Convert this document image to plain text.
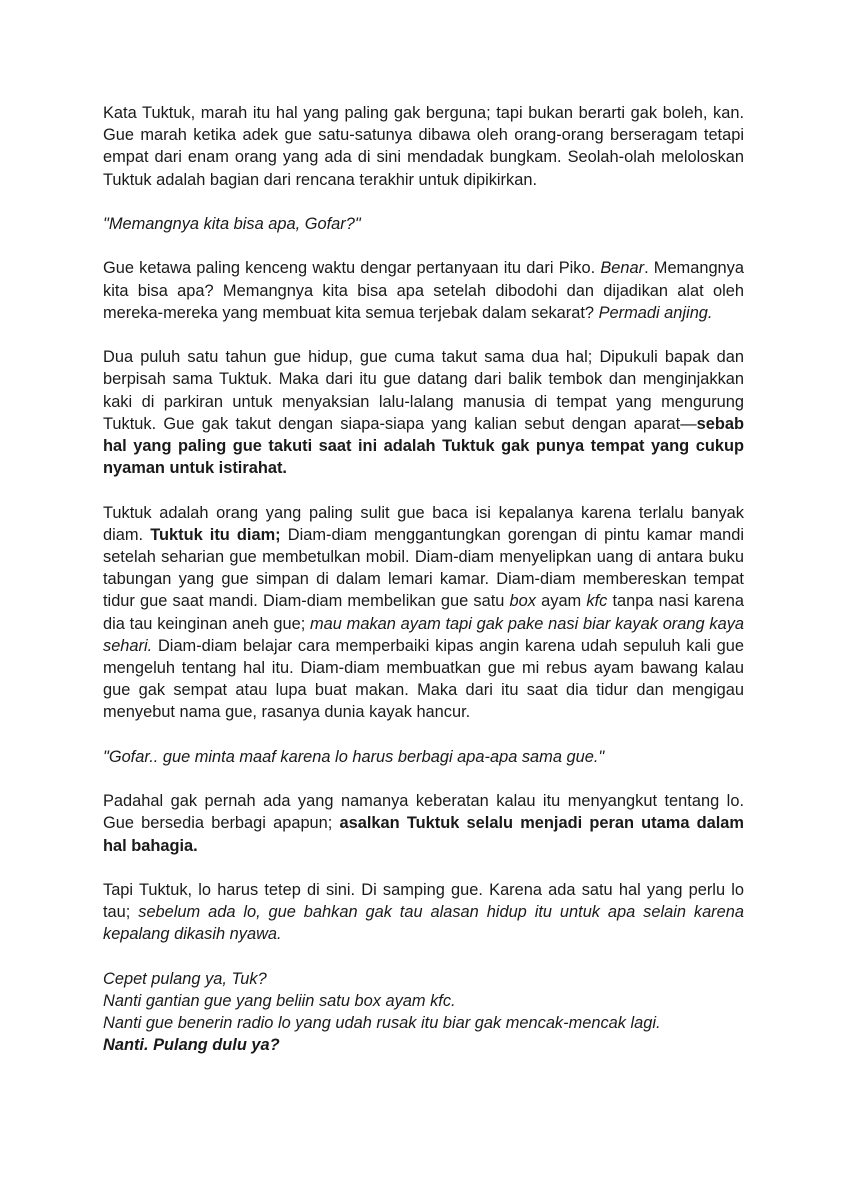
Kata Tuktuk, marah itu hal yang paling gak berguna; tapi bukan berarti gak boleh, kan. Gue marah ketika adek gue satu-satunya dibawa oleh orang-orang berseragam tetapi empat dari enam orang yang ada di sini mendadak bungkam. Seolah-olah meloloskan Tuktuk adalah bagian dari rencana terakhir untuk dipikirkan.

"Memangnya kita bisa apa, Gofar?"

Gue ketawa paling kenceng waktu dengar pertanyaan itu dari Piko. Benar. Memangnya kita bisa apa? Memangnya kita bisa apa setelah dibodohi dan dijadikan alat oleh mereka-mereka yang membuat kita semua terjebak dalam sekarat? Permadi anjing.

Dua puluh satu tahun gue hidup, gue cuma takut sama dua hal; Dipukuli bapak dan berpisah sama Tuktuk. Maka dari itu gue datang dari balik tembok dan menginjakkan kaki di parkiran untuk menyaksian lalu-lalang manusia di tempat yang mengurung Tuktuk. Gue gak takut dengan siapa-siapa yang kalian sebut dengan aparat—sebab hal yang paling gue takuti saat ini adalah Tuktuk gak punya tempat yang cukup nyaman untuk istirahat.

Tuktuk adalah orang yang paling sulit gue baca isi kepalanya karena terlalu banyak diam. Tuktuk itu diam; Diam-diam menggantungkan gorengan di pintu kamar mandi setelah seharian gue membetulkan mobil. Diam-diam menyelipkan uang di antara buku tabungan yang gue simpan di dalam lemari kamar. Diam-diam membereskan tempat tidur gue saat mandi. Diam-diam membelikan gue satu box ayam kfc tanpa nasi karena dia tau keinginan aneh gue; mau makan ayam tapi gak pake nasi biar kayak orang kaya sehari. Diam-diam belajar cara memperbaiki kipas angin karena udah sepuluh kali gue mengeluh tentang hal itu. Diam-diam membuatkan gue mi rebus ayam bawang kalau gue gak sempat atau lupa buat makan. Maka dari itu saat dia tidur dan mengigau menyebut nama gue, rasanya dunia kayak hancur.

"Gofar.. gue minta maaf karena lo harus berbagi apa-apa sama gue."

Padahal gak pernah ada yang namanya keberatan kalau itu menyangkut tentang lo. Gue bersedia berbagi apapun; asalkan Tuktuk selalu menjadi peran utama dalam hal bahagia.

Tapi Tuktuk, lo harus tetep di sini. Di samping gue. Karena ada satu hal yang perlu lo tau; sebelum ada lo, gue bahkan gak tau alasan hidup itu untuk apa selain karena kepalang dikasih nyawa.

Cepet pulang ya, Tuk?
Nanti gantian gue yang beliin satu box ayam kfc.
Nanti gue benerin radio lo yang udah rusak itu biar gak mencak-mencak lagi.
Nanti. Pulang dulu ya?
